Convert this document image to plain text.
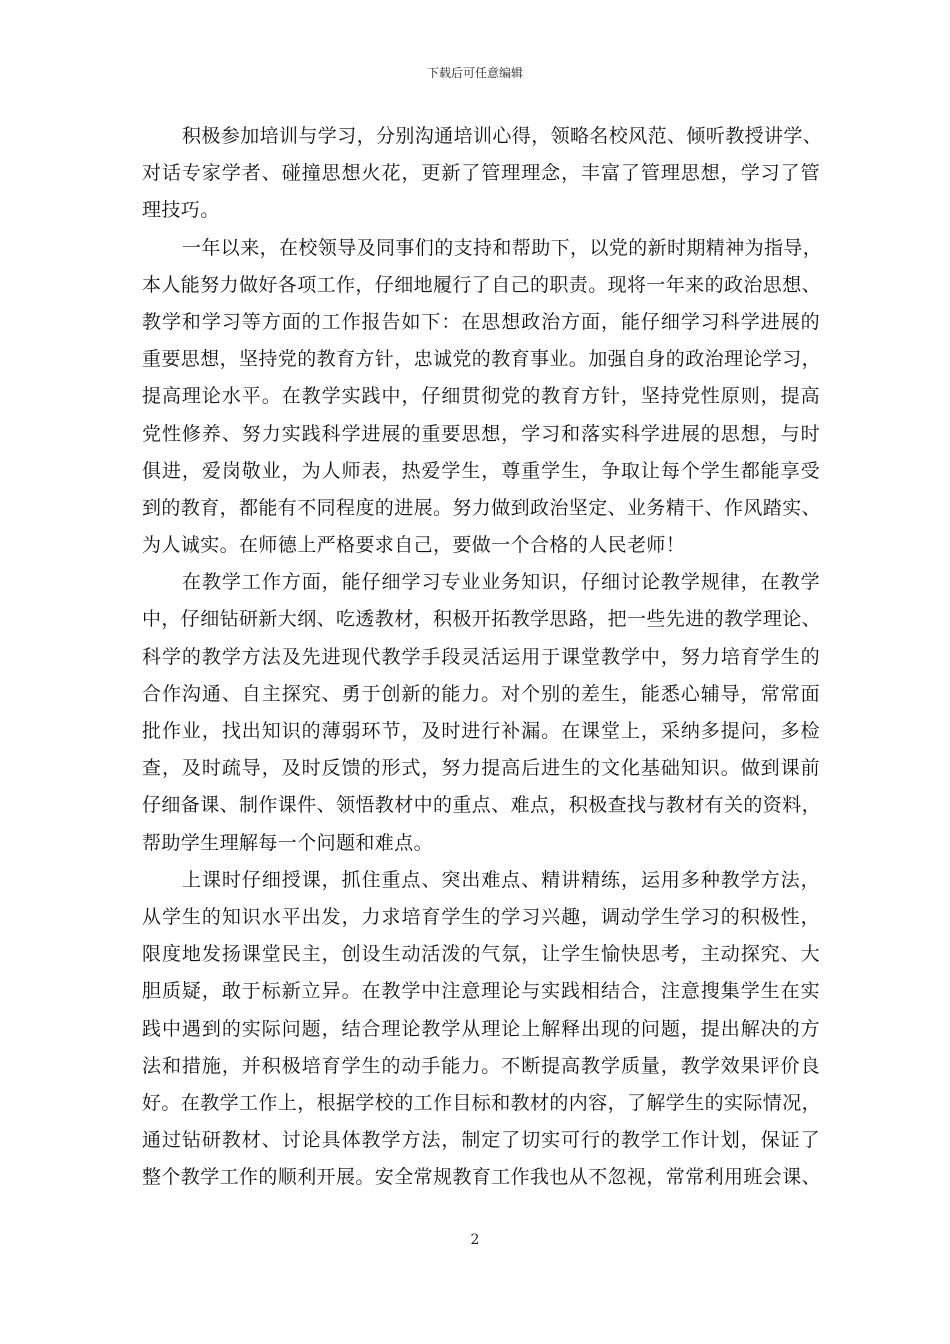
下载后可任意编辑

积极参加培训与学习，分别沟通培训心得，领略名校风范、倾听教授讲学、
对话专家学者、碰撞思想火花，更新了管理理念，丰富了管理思想，学习了管
理技巧。
一年以来，在校领导及同事们的支持和帮助下，以党的新时期精神为指导，
本人能努力做好各项工作，仔细地履行了自己的职责。现将一年来的政治思想、
教学和学习等方面的工作报告如下：在思想政治方面，能仔细学习科学进展的
重要思想，坚持党的教育方针，忠诚党的教育事业。加强自身的政治理论学习，
提高理论水平。在教学实践中，仔细贯彻党的教育方针，坚持党性原则，提高
党性修养、努力实践科学进展的重要思想，学习和落实科学进展的思想，与时
俱进，爱岗敬业，为人师表，热爱学生，尊重学生，争取让每个学生都能享受
到的教育，都能有不同程度的进展。努力做到政治坚定、业务精干、作风踏实、
为人诚实。在师德上严格要求自己，要做一个合格的人民老师！
在教学工作方面，能仔细学习专业业务知识，仔细讨论教学规律，在教学
中，仔细钻研新大纲、吃透教材，积极开拓教学思路，把一些先进的教学理论、
科学的教学方法及先进现代教学手段灵活运用于课堂教学中，努力培育学生的
合作沟通、自主探究、勇于创新的能力。对个别的差生，能悉心辅导，常常面
批作业，找出知识的薄弱环节，及时进行补漏。在课堂上，采纳多提问，多检
查，及时疏导，及时反馈的形式，努力提高后进生的文化基础知识。做到课前
仔细备课、制作课件、领悟教材中的重点、难点，积极查找与教材有关的资料，
帮助学生理解每一个问题和难点。
上课时仔细授课，抓住重点、突出难点、精讲精练，运用多种教学方法，
从学生的知识水平出发，力求培育学生的学习兴趣，调动学生学习的积极性，
限度地发扬课堂民主，创设生动活泼的气氛，让学生愉快思考，主动探究、大
胆质疑，敢于标新立异。在教学中注意理论与实践相结合，注意搜集学生在实
践中遇到的实际问题，结合理论教学从理论上解释出现的问题，提出解决的方
法和措施，并积极培育学生的动手能力。不断提高教学质量，教学效果评价良
好。在教学工作上，根据学校的工作目标和教材的内容，了解学生的实际情况，
通过钻研教材、讨论具体教学方法，制定了切实可行的教学工作计划，保证了
整个教学工作的顺利开展。安全常规教育工作我也从不忽视，常常利用班会课、

2
